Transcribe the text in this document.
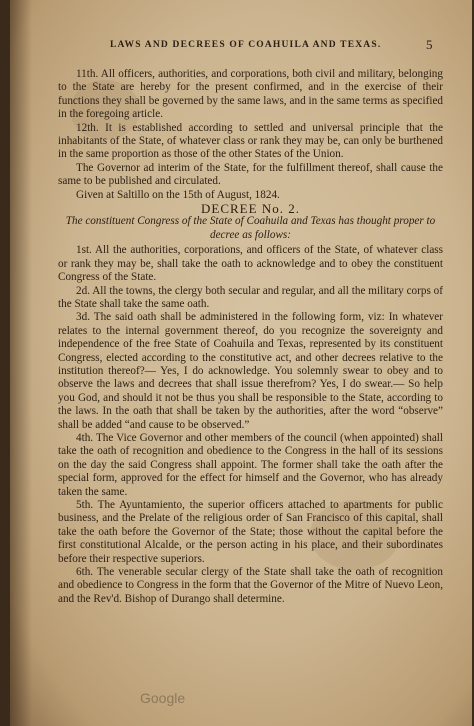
LAWS AND DECREES OF COAHUILA AND TEXAS.	5

11th. All officers, authorities, and corporations, both civil and military, belonging to the State are hereby for the present confirmed, and in the exercise of their functions they shall be governed by the same laws, and in the same terms as specified in the foregoing article.

12th. It is established according to settled and universal principle that the inhabitants of the State, of whatever class or rank they may be, can only be burthened in the same proportion as those of the other States of the Union.

The Governor ad interim of the State, for the fulfillment thereof, shall cause the same to be published and circulated.

Given at Saltillo on the 15th of August, 1824.

DECREE No. 2.

The constituent Congress of the State of Coahuila and Texas has thought proper to decree as follows:

1st. All the authorities, corporations, and officers of the State, of whatever class or rank they may be, shall take the oath to acknowledge and to obey the constituent Congress of the State.

2d. All the towns, the clergy both secular and regular, and all the military corps of the State shall take the same oath.

3d. The said oath shall be administered in the following form, viz: In whatever relates to the internal government thereof, do you recognize the sovereignty and independence of the free State of Coahuila and Texas, represented by its constituent Congress, elected according to the constitutive act, and other decrees relative to the institution thereof?— Yes, I do acknowledge. You solemnly swear to obey and to observe the laws and decrees that shall issue therefrom? Yes, I do swear.— So help you God, and should it not be thus you shall be responsible to the State, according to the laws. In the oath that shall be taken by the authorities, after the word “observe” shall be added “and cause to be observed.”

4th. The Vice Governor and other members of the council (when appointed) shall take the oath of recognition and obedience to the Congress in the hall of its sessions on the day the said Congress shall appoint. The former shall take the oath after the special form, approved for the effect for himself and the Governor, who has already taken the same.

5th. The Ayuntamiento, the superior officers attached to apartments for public business, and the Prelate of the religious order of San Francisco of this capital, shall take the oath before the Governor of the State; those without the capital before the first constitutional Alcalde, or the person acting in his place, and their subordinates before their respective superiors.

6th. The venerable secular clergy of the State shall take the oath of recognition and obedience to Congress in the form that the Governor of the Mitre of Nuevo Leon, and the Rev'd. Bishop of Durango shall determine.

Google
